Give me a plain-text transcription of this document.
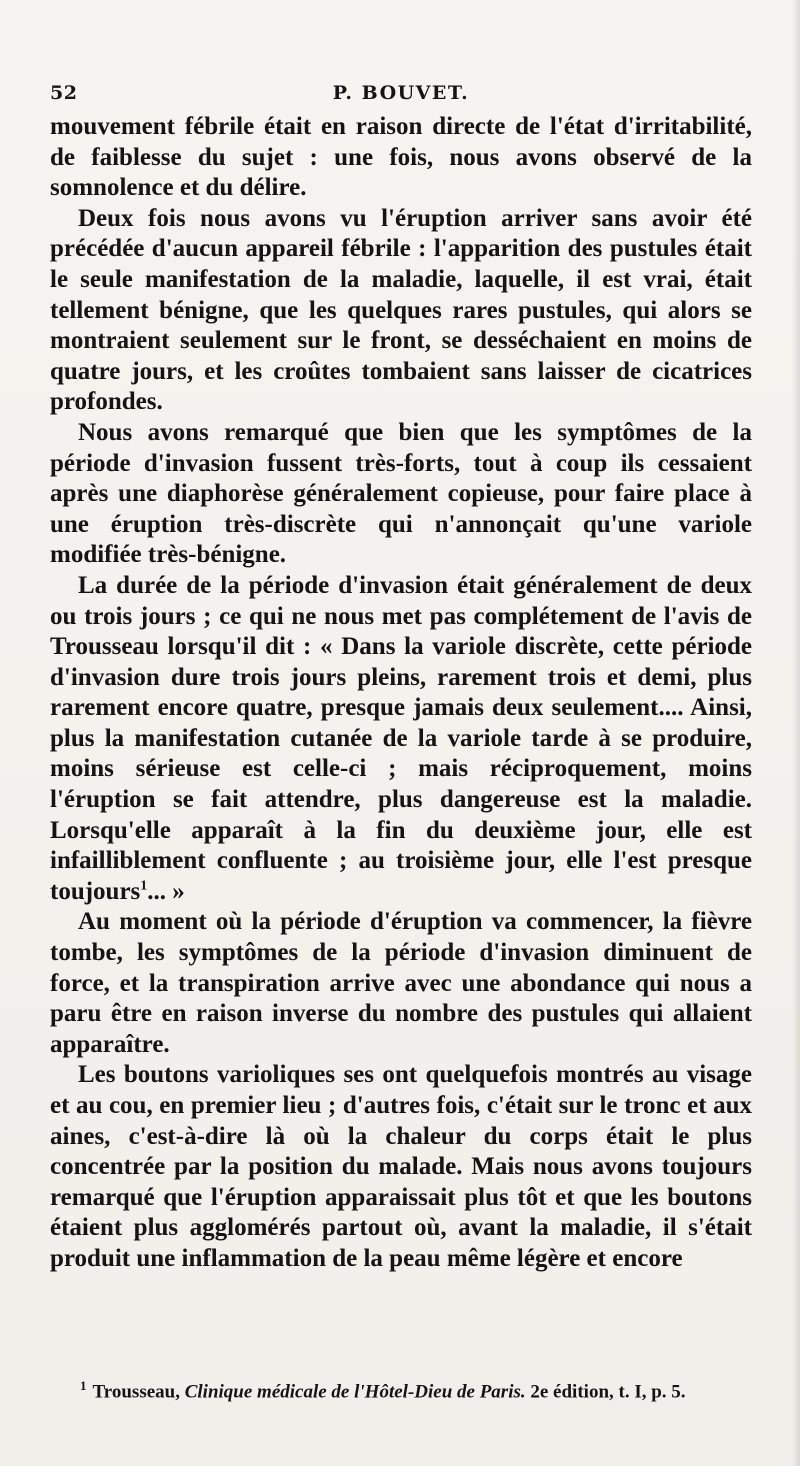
52	P. BOUVET.

mouvement fébrile était en raison directe de l'état d'irritabilité, de faiblesse du sujet : une fois, nous avons observé de la somnolence et du délire.

Deux fois nous avons vu l'éruption arriver sans avoir été précédée d'aucun appareil fébrile : l'apparition des pustules était le seule manifestation de la maladie, laquelle, il est vrai, était tellement bénigne, que les quelques rares pustules, qui alors se montraient seulement sur le front, se desséchaient en moins de quatre jours, et les croûtes tombaient sans laisser de cicatrices profondes.

Nous avons remarqué que bien que les symptômes de la période d'invasion fussent très-forts, tout à coup ils cessaient après une diaphorèse généralement copieuse, pour faire place à une éruption très-discrète qui n'annonçait qu'une variole modifiée très-bénigne.

La durée de la période d'invasion était généralement de deux ou trois jours ; ce qui ne nous met pas complétement de l'avis de Trousseau lorsqu'il dit : « Dans la variole discrète, cette période d'invasion dure trois jours pleins, rarement trois et demi, plus rarement encore quatre, presque jamais deux seulement.... Ainsi, plus la manifestation cutanée de la variole tarde à se produire, moins sérieuse est celle-ci ; mais réciproquement, moins l'éruption se fait attendre, plus dangereuse est la maladie. Lorsqu'elle apparaît à la fin du deuxième jour, elle est infailliblement confluente ; au troisième jour, elle l'est presque toujours$^1$... »

Au moment où la période d'éruption va commencer, la fièvre tombe, les symptômes de la période d'invasion diminuent de force, et la transpiration arrive avec une abondance qui nous a paru être en raison inverse du nombre des pustules qui allaient apparaître.

Les boutons varioliques ses ont quelquefois montrés au visage et au cou, en premier lieu ; d'autres fois, c'était sur le tronc et aux aines, c'est-à-dire là où la chaleur du corps était le plus concentrée par la position du malade. Mais nous avons toujours remarqué que l'éruption apparaissait plus tôt et que les boutons étaient plus agglomérés partout où, avant la maladie, il s'était produit une inflammation de la peau même légère et encore

$^1$ Trousseau, Clinique médicale de l'Hôtel-Dieu de Paris. 2e édition, t. I, p. 5.
